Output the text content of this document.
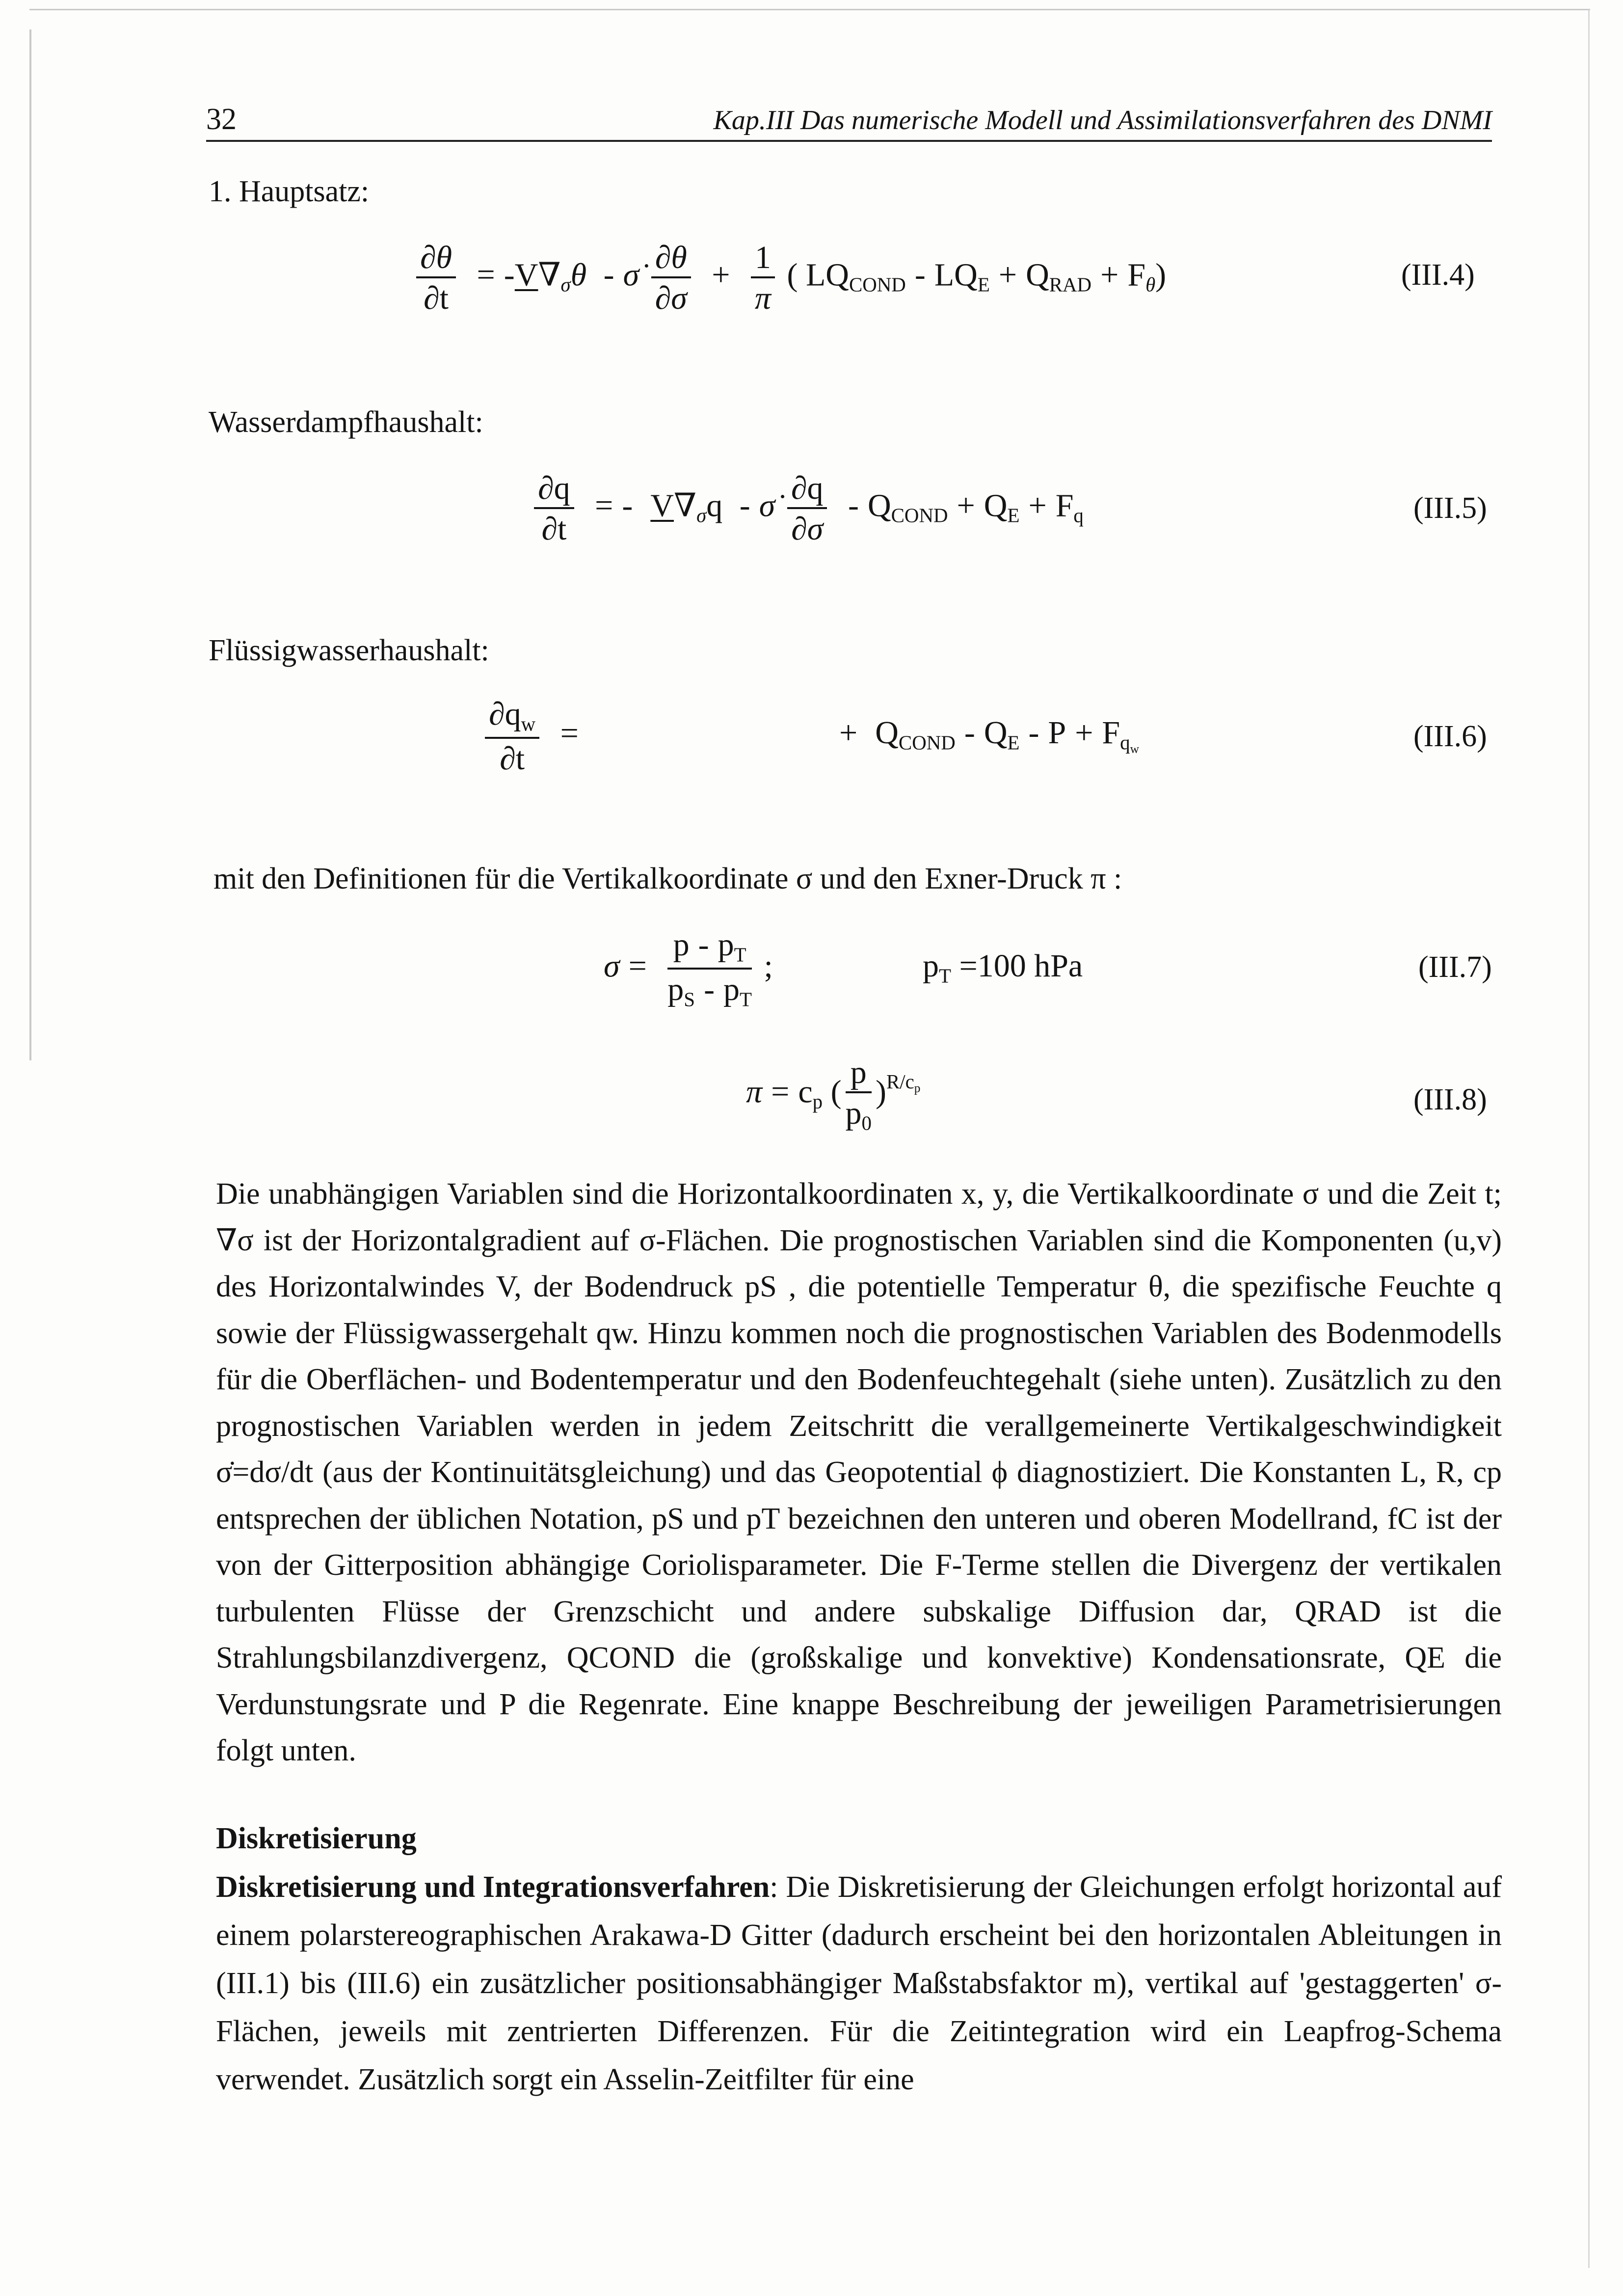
32	Kap.III Das numerische Modell und Assimilationsverfahren des DNMI
1. Hauptsatz:
$\frac{\partial\theta}{\partial t} = -V\nabla_\sigma\theta$ - σ̇ $\frac{\partial\theta}{\partial\sigma} + \frac{1}{\pi}$ ( $LQ_{COND} - LQ_E + Q_{RAD} + F_\theta$)	(III.4)
Wasserdampfhaushalt:
$\frac{\partial q}{\partial t}$ = - $V\nabla_\sigma q$ - σ̇ $\frac{\partial q}{\partial\sigma} - Q_{COND} + Q_E + F_q$	(III.5)
Flüssigwasserhaushalt:
$\frac{\partial q_w}{\partial t}$ =	+ $Q_{COND} - Q_E - P + F_{q_w}$	(III.6)
mit den Definitionen für die Vertikalkoordinate σ und den Exner-Druck π :
$\sigma = \frac{p - p_T}{p_S - p_T}$ ;	$p_T =100$ hPa	(III.7)
$\pi = c_p$ ( $\frac{p}{p_0} )^{R/c_p}$	(III.8)
Die unabhängigen Variablen sind die Horizontalkoordinaten x, y, die Vertikalkoordinate σ und die Zeit t; ∇σ ist der Horizontalgradient auf σ-Flächen. Die prognostischen Variablen sind die Komponenten (u,v) des Horizontalwindes V, der Bodendruck pS , die potentielle Temperatur θ, die spezifische Feuchte q sowie der Flüssigwassergehalt qw. Hinzu kommen noch die prognostischen Variablen des Bodenmodells für die Oberflächen- und Bodentemperatur und den Bodenfeuchtegehalt (siehe unten). Zusätzlich zu den prognostischen Variablen werden in jedem Zeitschritt die verallgemeinerte Vertikalgeschwindigkeit σ̇=dσ/dt (aus der Kontinuitätsgleichung) und das Geopotential ϕ diagnostiziert. Die Konstanten L, R, cp entsprechen der üblichen Notation, pS und pT bezeichnen den unteren und oberen Modellrand, fC ist der von der Gitterposition abhängige Coriolisparameter. Die F-Terme stellen die Divergenz der vertikalen turbulenten Flüsse der Grenzschicht und andere subskalige Diffusion dar, QRAD ist die Strahlungsbilanzdivergenz, QCOND die (großskalige und konvektive) Kondensationsrate, QE die Verdunstungsrate und P die Regenrate. Eine knappe Beschreibung der jeweiligen Parametrisierungen folgt unten.
Diskretisierung
Diskretisierung und Integrationsverfahren: Die Diskretisierung der Gleichungen erfolgt horizontal auf einem polarstereographischen Arakawa-D Gitter (dadurch erscheint bei den horizontalen Ableitungen in (III.1) bis (III.6) ein zusätzlicher positionsabhängiger Maßstabsfaktor m), vertikal auf 'gestaggerten' σ-Flächen, jeweils mit zentrierten Differenzen. Für die Zeitintegration wird ein Leapfrog-Schema verwendet. Zusätzlich sorgt ein Asselin-Zeitfilter für eine
